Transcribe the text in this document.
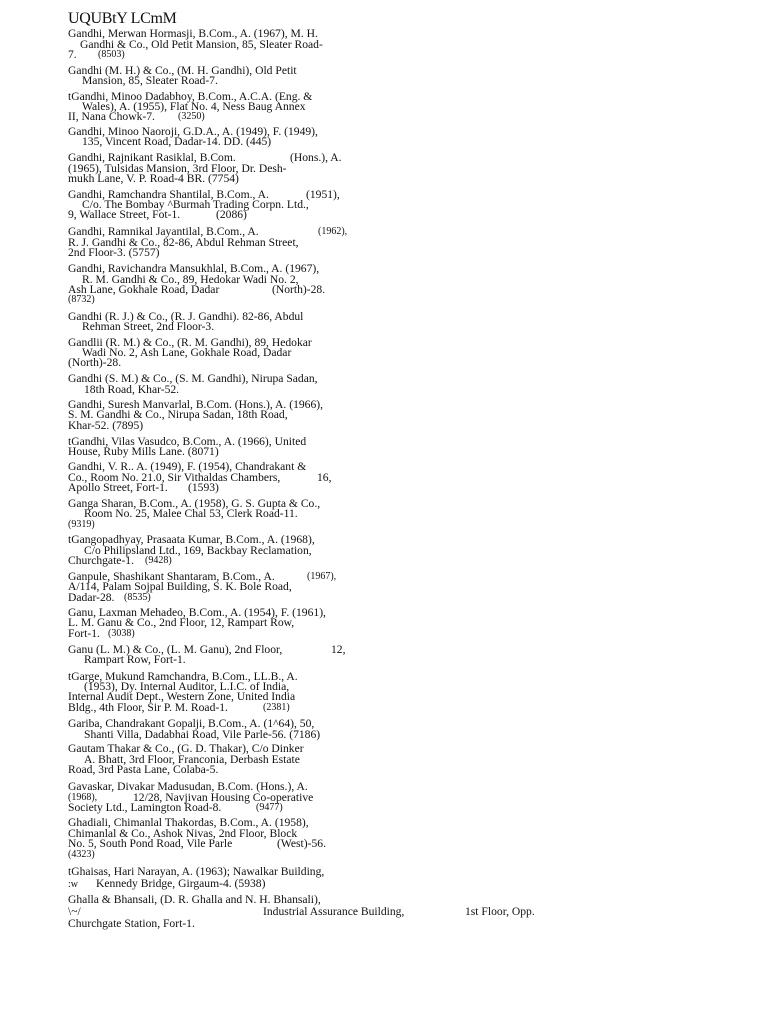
UQUBtY LCmM
Gandhi, Merwan Hormasji, B.Com., A. (1967), M. H.
Gandhi & Co., Old Petit Mansion, 85, Sleater Road-
7. (8503)
Gandhi (M. H.) & Co., (M. H. Gandhi), Old Petit
Mansion, 85, Sleater Road-7.
tGandhi, Minoo Dadabhoy, B.Com., A.C.A. (Eng. &
Wales), A. (1955), Flat No. 4, Ness Baug Annex
II, Nana Chowk-7. (3250)
Gandhi, Minoo Naoroji, G.D.A., A. (1949), F. (1949),
135, Vincent Road, Dadar-14. DD. (445)
Gandhi, Rajnikant Rasiklal, B.Com.	(Hons.), A.
(1965), Tulsidas Mansion, 3rd Floor, Dr. Desh-
mukh Lane, V. P. Road-4 BR. (7754)
Gandhi, Ramchandra Shantilal, B.Com., A.	(1951),
C/o. The Bombay ^Burmah Trading Corpn. Ltd.,
9, Wallace Street, Fot-1.	(2086)
Gandhi, Ramnikal Jayantilal, B.Com., A.	(1962),
R. J. Gandhi & Co., 82-86, Abdul Rehman Street,
2nd Floor-3. (5757)
Gandhi, Ravichandra Mansukhlal, B.Com., A. (1967),
R. M. Gandhi & Co., 89, Hedokar Wadi No. 2,
Ash Lane, Gokhale Road, Dadar	(North)-28.
(8732)
Gandhi (R. J.) & Co., (R. J. Gandhi). 82-86, Abdul
Rehman Street, 2nd Floor-3.
Gandlii (R. M.) & Co., (R. M. Gandhi), 89, Hedokar
Wadi No. 2, Ash Lane, Gokhale Road, Dadar
(North)-28.
Gandhi (S. M.) & Co., (S. M. Gandhi), Nirupa Sadan,
18th Road, Khar-52.
Gandhi, Suresh Manvarlal, B.Com. (Hons.), A. (1966),
S. M. Gandhi & Co., Nirupa Sadan, 18th Road,
Khar-52. (7895)
tGandhi, Vilas Vasudco, B.Com., A. (1966), United
House, Ruby Mills Lane. (8071)
Gandhi, V. R.. A. (1949), F. (1954), Chandrakant &
Co., Room No. 21.0, Sir Vithaldas Chambers,	16,
Apollo Street, Fort-1. (1593)
Ganga Sharan, B.Com., A. (1958), G. S. Gupta & Co.,
Room No. 25, Malee Chal 53, Clerk Road-11.
(9319)
tGangopadhyay, Prasaata Kumar, B.Com., A. (1968),
C/o Philipsland Ltd., 169, Backbay Reclamation,
Churchgate-1. (9428)
Ganpule, Shashikant Shantaram, B.Com., A.	(1967),
A/114, Palam Sojpal Building, S. K. Bole Road,
Dadar-28. (8535)
Ganu, Laxman Mehadeo, B.Com., A. (1954), F. (1961),
L. M. Ganu & Co., 2nd Floor, 12, Rampart Row,
Fort-1. (3038)
Ganu (L. M.) & Co., (L. M. Ganu), 2nd Floor,	12,
Rampart Row, Fort-1.
tGarge, Mukund Ramchandra, B.Com., LL.B., A.
(1953), Dy. Internal Auditor, L.I.C. of India,
Internal Audit Dept., Western Zone, United India
Bldg., 4th Floor, Sir P. M. Road-1.	(2381)
Gariba, Chandrakant Gopalji, B.Com., A. (1^64), 50,
Shanti Villa, Dadabhai Road, Vile Parle-56. (7186)
Gautam Thakar & Co., (G. D. Thakar), C/o Dinker
A. Bhatt, 3rd Floor, Franconia, Derbash Estate
Road, 3rd Pasta Lane, Colaba-5.
Gavaskar, Divakar Madusudan, B.Com. (Hons.), A.
(1968),	12/28, Navjivan Housing Co-operative
Society Ltd., Lamington Road-8.	(9477)
Ghadiali, Chimanlal Thakordas, B.Com., A. (1958),
Chimanlal & Co., Ashok Nivas, 2nd Floor, Block
No. 5, South Pond Road, Vile Parle	(West)-56.
(4323)
tGhaisas, Hari Narayan, A. (1963); Nawalkar Building,
:w Kennedy Bridge, Girgaum-4. (5938)
Ghalla & Bhansali, (D. R. Ghalla and N. H. Bhansali),
\~/	Industrial Assurance Building,	1st Floor, Opp.
Churchgate Station, Fort-1.
